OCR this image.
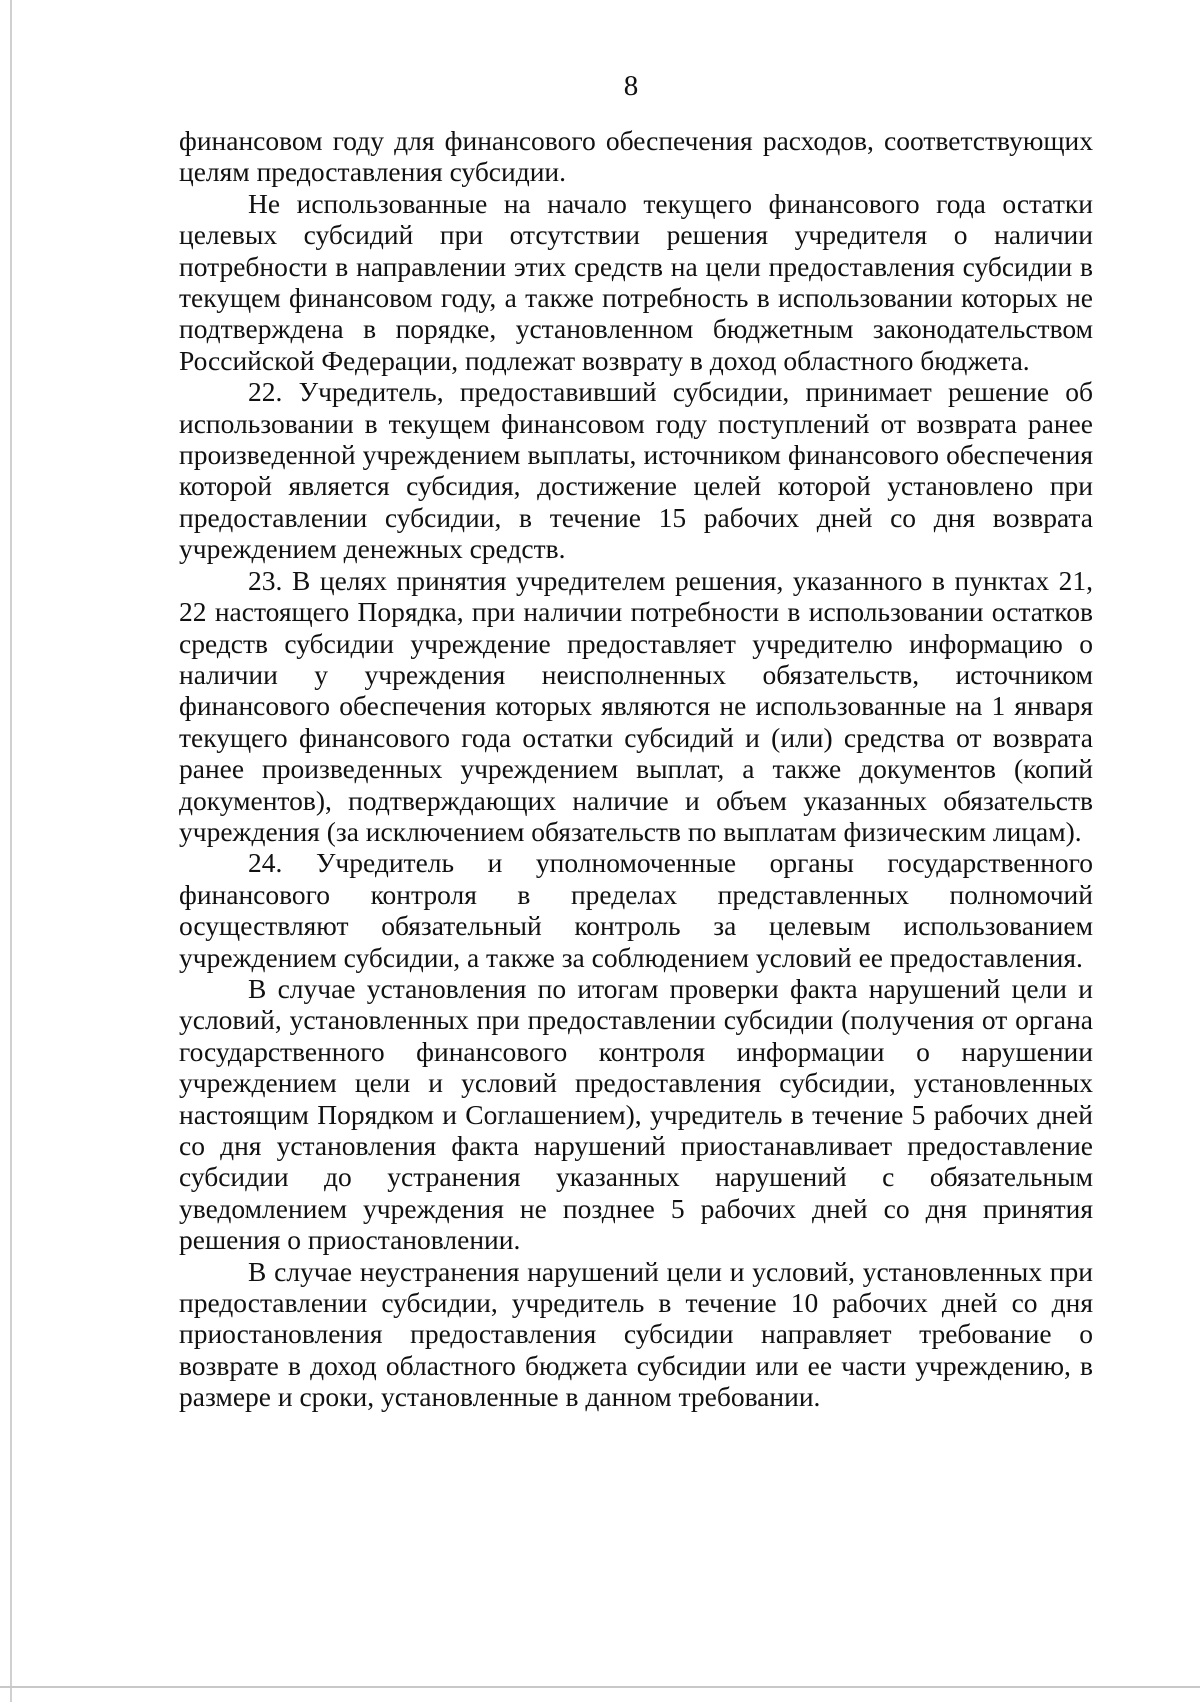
8

финансовом году для финансового обеспечения расходов, соответствующих целям предоставления субсидии.

Не использованные на начало текущего финансового года остатки целевых субсидий при отсутствии решения учредителя о наличии потребности в направлении этих средств на цели предоставления субсидии в текущем финансовом году, а также потребность в использовании которых не подтверждена в порядке, установленном бюджетным законодательством Российской Федерации, подлежат возврату в доход областного бюджета.

22. Учредитель, предоставивший субсидии, принимает решение об использовании в текущем финансовом году поступлений от возврата ранее произведенной учреждением выплаты, источником финансового обеспечения которой является субсидия, достижение целей которой установлено при предоставлении субсидии, в течение 15 рабочих дней со дня возврата учреждением денежных средств.

23. В целях принятия учредителем решения, указанного в пунктах 21, 22 настоящего Порядка, при наличии потребности в использовании остатков средств субсидии учреждение предоставляет учредителю информацию о наличии у учреждения неисполненных обязательств, источником финансового обеспечения которых являются не использованные на 1 января текущего финансового года остатки субсидий и (или) средства от возврата ранее произведенных учреждением выплат, а также документов (копий документов), подтверждающих наличие и объем указанных обязательств учреждения (за исключением обязательств по выплатам физическим лицам).

24. Учредитель и уполномоченные органы государственного финансового контроля в пределах представленных полномочий осуществляют обязательный контроль за целевым использованием учреждением субсидии, а также за соблюдением условий ее предоставления.

В случае установления по итогам проверки факта нарушений цели и условий, установленных при предоставлении субсидии (получения от органа государственного финансового контроля информации о нарушении учреждением цели и условий предоставления субсидии, установленных настоящим Порядком и Соглашением), учредитель в течение 5 рабочих дней со дня установления факта нарушений приостанавливает предоставление субсидии до устранения указанных нарушений с обязательным уведомлением учреждения не позднее 5 рабочих дней со дня принятия решения о приостановлении.

В случае неустранения нарушений цели и условий, установленных при предоставлении субсидии, учредитель в течение 10 рабочих дней со дня приостановления предоставления субсидии направляет требование о возврате в доход областного бюджета субсидии или ее части учреждению, в размере и сроки, установленные в данном требовании.
